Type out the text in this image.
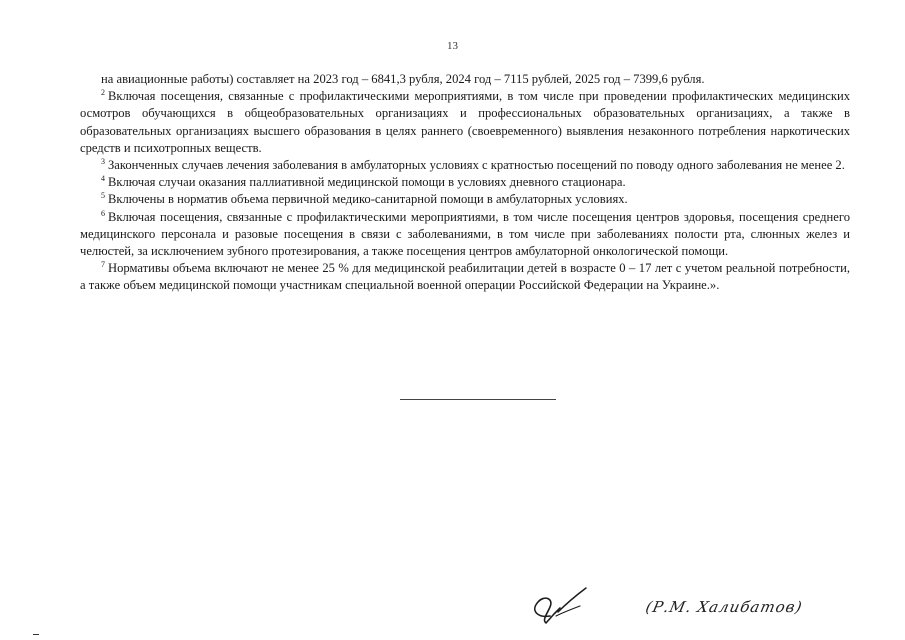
13

на авиационные работы) составляет на 2023 год – 6841,3 рубля, 2024 год – 7115 рублей, 2025 год – 7399,6 рубля.

$^2$ Включая посещения, связанные с профилактическими мероприятиями, в том числе при проведении профилактических медицинских осмотров обучающихся в общеобразовательных организациях и профессиональных образовательных организациях, а также в образовательных организациях высшего образования в целях раннего (своевременного) выявления незаконного потребления наркотических средств и психотропных веществ.

$^3$ Законченных случаев лечения заболевания в амбулаторных условиях с кратностью посещений по поводу одного заболевания не менее 2.

$^4$ Включая случаи оказания паллиативной медицинской помощи в условиях дневного стационара.

$^5$ Включены в норматив объема первичной медико-санитарной помощи в амбулаторных условиях.

$^6$ Включая посещения, связанные с профилактическими мероприятиями, в том числе посещения центров здоровья, посещения среднего медицинского персонала и разовые посещения в связи с заболеваниями, в том числе при заболеваниях полости рта, слюнных желез и челюстей, за исключением зубного протезирования, а также посещения центров амбулаторной онкологической помощи.

$^7$ Нормативы объема включают не менее 25 % для медицинской реабилитации детей в возрасте 0 – 17 лет с учетом реальной потребности, а также объем медицинской помощи участникам специальной военной операции Российской Федерации на Украине.».

(Р.М. Халибатов)
